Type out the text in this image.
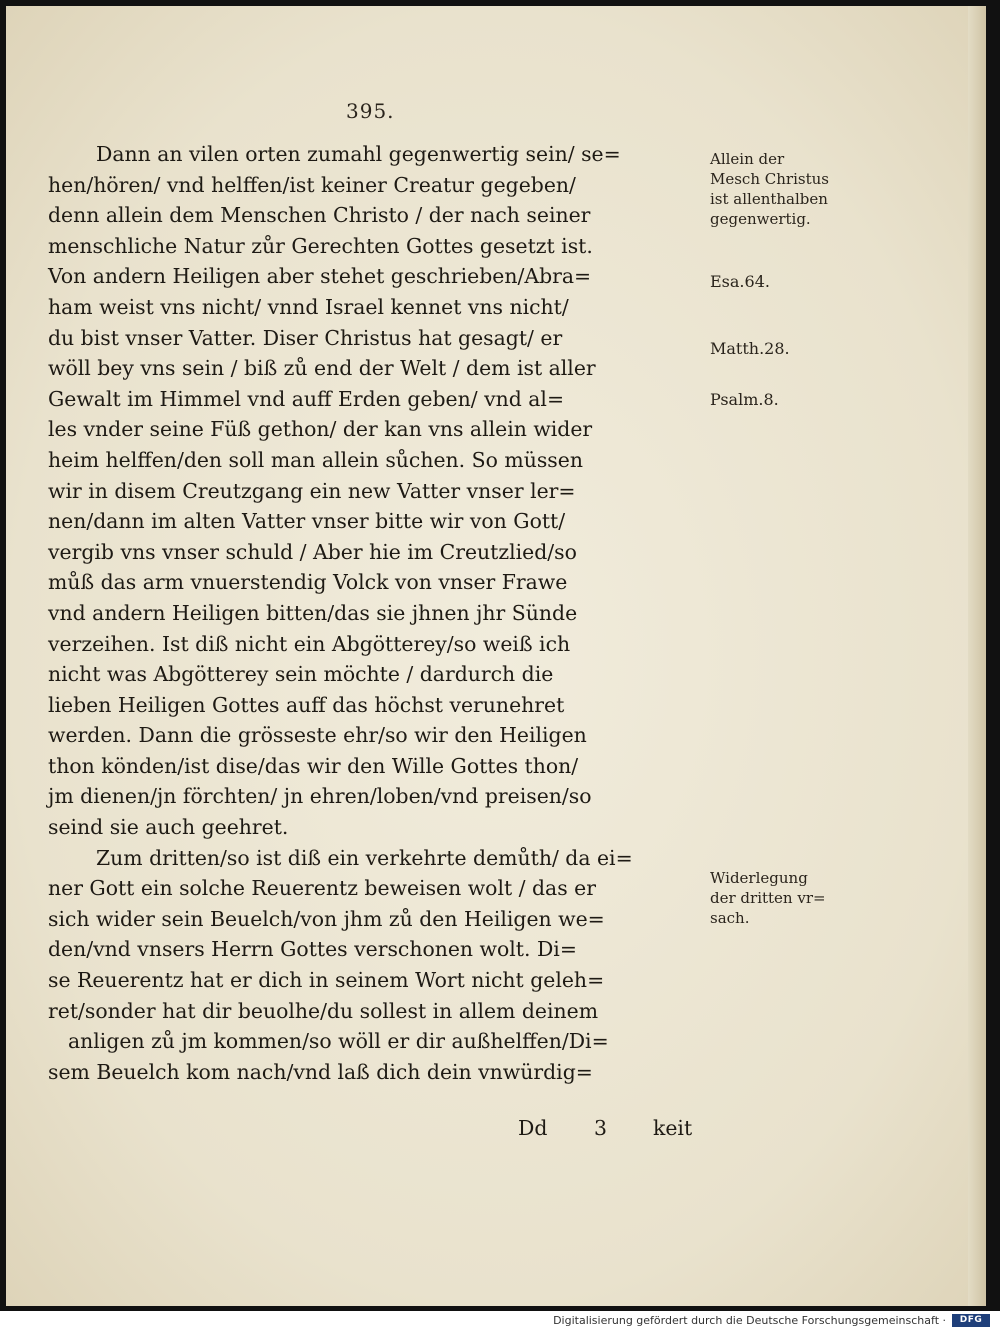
395.
Dann an vilen orten zumahl gegenwertig sein/ se=
hen/hören/ vnd helffen/ist keiner Creatur gegeben/
denn allein dem Menschen Christo / der nach seiner
menschliche Natur zůr Gerechten Gottes gesetzt ist.
Von andern Heiligen aber stehet geschrieben/Abra=
ham weist vns nicht/ vnnd Israel kennet vns nicht/
du bist vnser Vatter. Diser Christus hat gesagt/ er
wöll bey vns sein / biß zů end der Welt / dem ist aller
Gewalt im Himmel vnd auff Erden geben/ vnd al=
les vnder seine Füß gethon/ der kan vns allein wider
heim helffen/den soll man allein sůchen. So müssen
wir in disem Creutzgang ein new Vatter vnser ler=
nen/dann im alten Vatter vnser bitte wir von Gott/
vergib vns vnser schuld / Aber hie im Creutzlied/so
můß das arm vnuerstendig Volck von vnser Frawe
vnd andern Heiligen bitten/das sie jhnen jhr Sünde
verzeihen. Ist diß nicht ein Abgötterey/so weiß ich
nicht was Abgötterey sein möchte / dardurch die
lieben Heiligen Gottes auff das höchst verunehret
werden. Dann die grösseste ehr/so wir den Heiligen
thon könden/ist dise/das wir den Wille Gottes thon/
jm dienen/jn förchten/ jn ehren/loben/vnd preisen/so
seind sie auch geehret.
Zum dritten/so ist diß ein verkehrte demůth/ da ei=
ner Gott ein solche Reuerentz beweisen wolt / das er
sich wider sein Beuelch/von jhm zů den Heiligen we=
den/vnd vnsers Herrn Gottes verschonen wolt. Di=
se Reuerentz hat er dich in seinem Wort nicht geleh=
ret/sonder hat dir beuolhe/du sollest in allem deinem
anligen zů jm kommen/so wöll er dir außhelffen/Di=
sem Beuelch kom nach/vnd laß dich dein vnwürdig=
Dd 3 keit
Allein der
Mesch Christus
ist allenthalben
gegenwertig.
Esa.64.
Matth.28.
Psalm.8.
Widerlegung
der dritten vr=
sach.
Digitalisierung gefördert durch die Deutsche Forschungsgemeinschaft ·	DFG
